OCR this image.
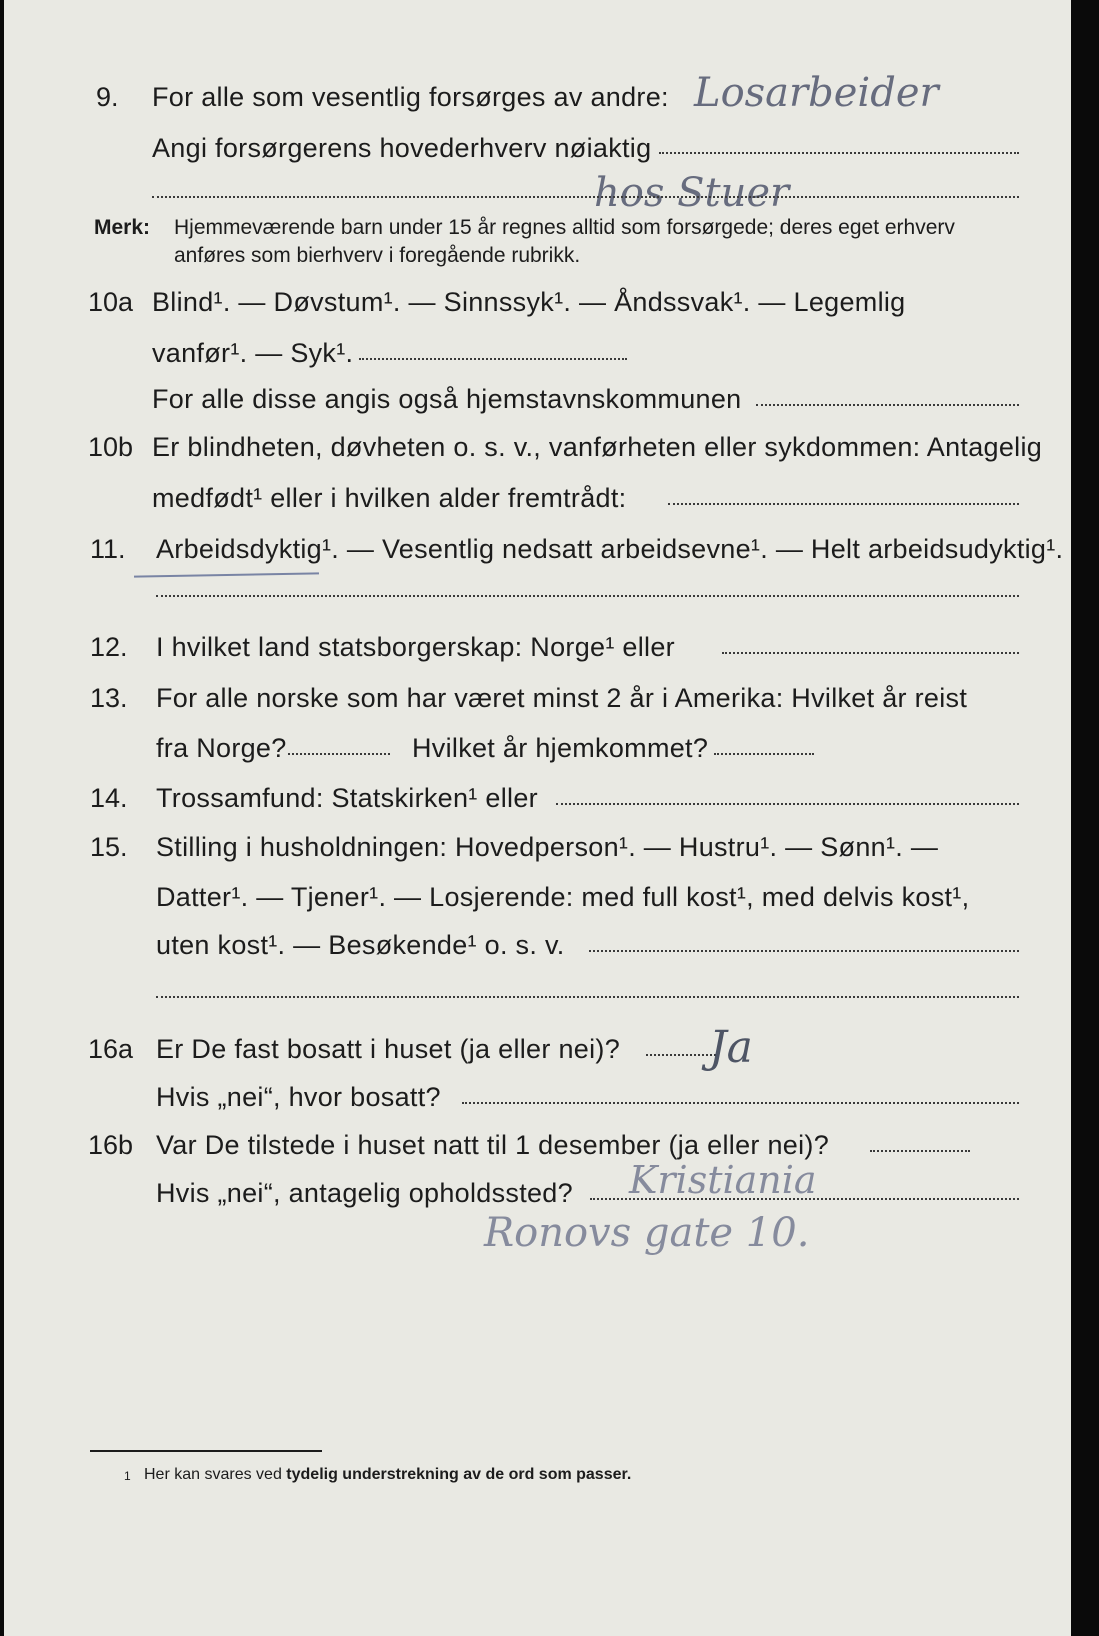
9. For alle som vesentlig forsørges av andre: Losarbeider
Angi forsørgerens hovederhverv nøiaktig
hos Stuer
Merk: Hjemmeværende barn under 15 år regnes alltid som forsørgede; deres eget erhverv
anføres som bierhverv i foregående rubrikk.
10a Blind¹. — Døvstum¹. — Sinnssyk¹. — Åndssvak¹. — Legemlig
vanfør¹. — Syk¹.
For alle disse angis også hjemstavnskommunen
10b Er blindheten, døvheten o. s. v., vanførheten eller sykdommen: Antagelig
medfødt¹ eller i hvilken alder fremtrådt:
11. Arbeidsdyktig¹. — Vesentlig nedsatt arbeidsevne¹. — Helt arbeidsudyktig¹.
12. I hvilket land statsborgerskap: Norge¹ eller
13. For alle norske som har været minst 2 år i Amerika: Hvilket år reist
fra Norge?	Hvilket år hjemkommet?
14. Trossamfund: Statskirken¹ eller
15. Stilling i husholdningen: Hovedperson¹. — Hustru¹. — Sønn¹. —
Datter¹. — Tjener¹. — Losjerende: med full kost¹, med delvis kost¹,
uten kost¹. — Besøkende¹ o. s. v.
16a Er De fast bosatt i huset (ja eller nei)? Ja
Hvis „nei“, hvor bosatt?
16b Var De tilstede i huset natt til 1 desember (ja eller nei)?
Hvis „nei“, antagelig opholdssted? Kristiania
Ronovs gate 10.
1 Her kan svares ved tydelig understrekning av de ord som passer.
